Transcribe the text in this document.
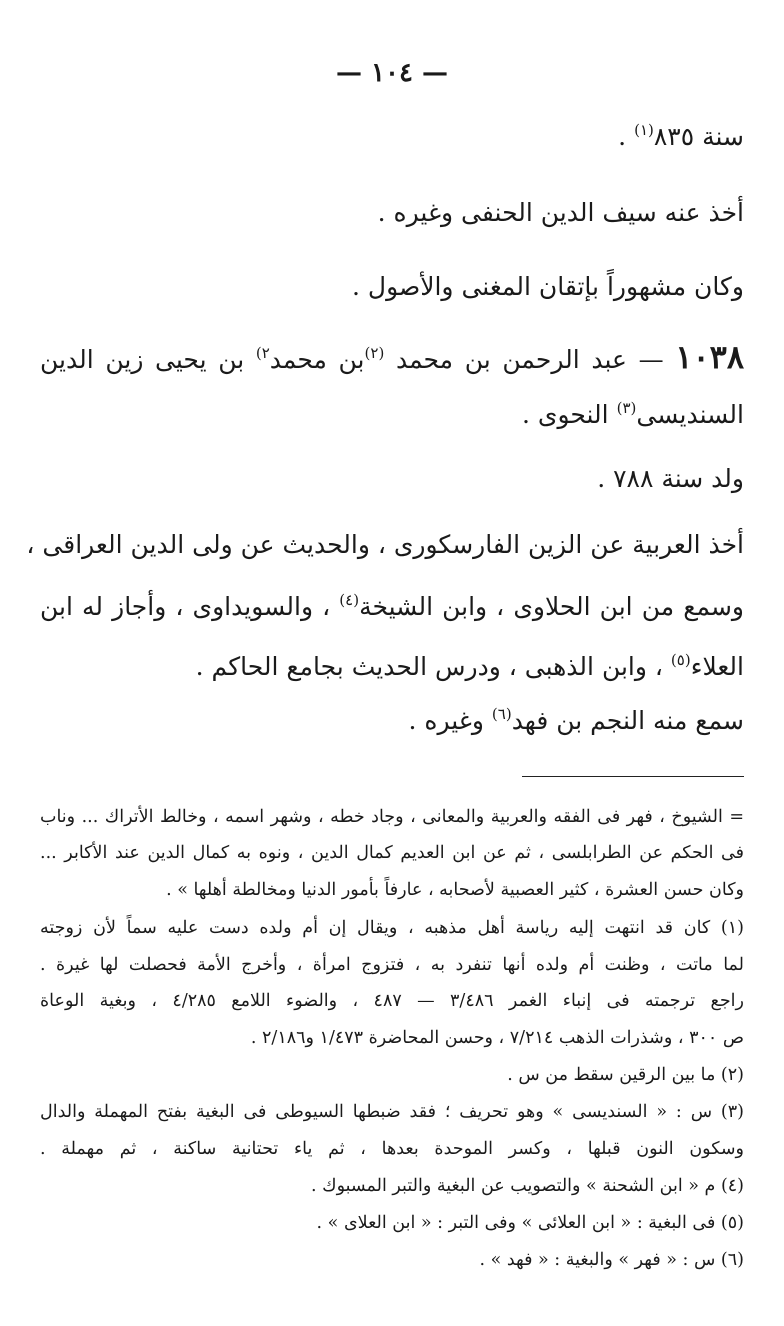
— ١٠٤ —
سنة ٨٣٥$^{(١)}$ .
أخذ عنه سيف الدين الحنفى وغيره .
وكان مشهوراً بإتقان المغنى والأصول .
١٠٣٨ — عبد الرحمن بن محمد $^{(٢)}$بن محمد$^{٢)}$ بن يحيى زين الدين
السنديسى$^{(٣)}$ النحوى .
ولد سنة ٧٨٨ .
أخذ العربية عن الزين الفارسكورى ، والحديث عن ولى الدين العراقى ،
وسمع من ابن الحلاوى ، وابن الشيخة$^{(٤)}$ ، والسويداوى ، وأجاز له ابن
العلاء$^{(٥)}$ ، وابن الذهبى ، ودرس الحديث بجامع الحاكم .
سمع منه النجم بن فهد$^{(٦)}$ وغيره .
= الشيوخ ، فهر فى الفقه والعربية والمعانى ، وجاد خطه ، وشهر اسمه ، وخالط الأتراك ... وناب
فى الحكم عن الطرابلسى ، ثم عن ابن العديم كمال الدين ، ونوه به كمال الدين عند الأكابر ...
وكان حسن العشرة ، كثير العصبية لأصحابه ، عارفاً بأمور الدنيا ومخالطة أهلها » .
(١) كان قد انتهت إليه رياسة أهل مذهبه ، ويقال إن أم ولده دست عليه سماً لأن زوجته
لما ماتت ، وظنت أم ولده أنها تنفرد به ، فتزوج امرأة ، وأخرج الأمة فحصلت لها غيرة .
راجع ترجمته فى إنباء الغمر ٣/٤٨٦ — ٤٨٧ ، والضوء اللامع ٤/٢٨٥ ، وبغية الوعاة
ص ٣٠٠ ، وشذرات الذهب ٧/٢١٤ ، وحسن المحاضرة ١/٤٧٣ و٢/١٨٦ .
(٢) ما بين الرقين سقط من س .
(٣) س : « السنديسى » وهو تحريف ؛ فقد ضبطها السيوطى فى البغية بفتح المهملة والدال
وسكون النون قبلها ، وكسر الموحدة بعدها ، ثم ياء تحتانية ساكنة ، ثم مهملة .
(٤) م « ابن الشحنة » والتصويب عن البغية والتبر المسبوك .
(٥) فى البغية : « ابن العلائى » وفى التبر : « ابن العلاى » .
(٦) س : « فهر » والبغية : « فهد » .
